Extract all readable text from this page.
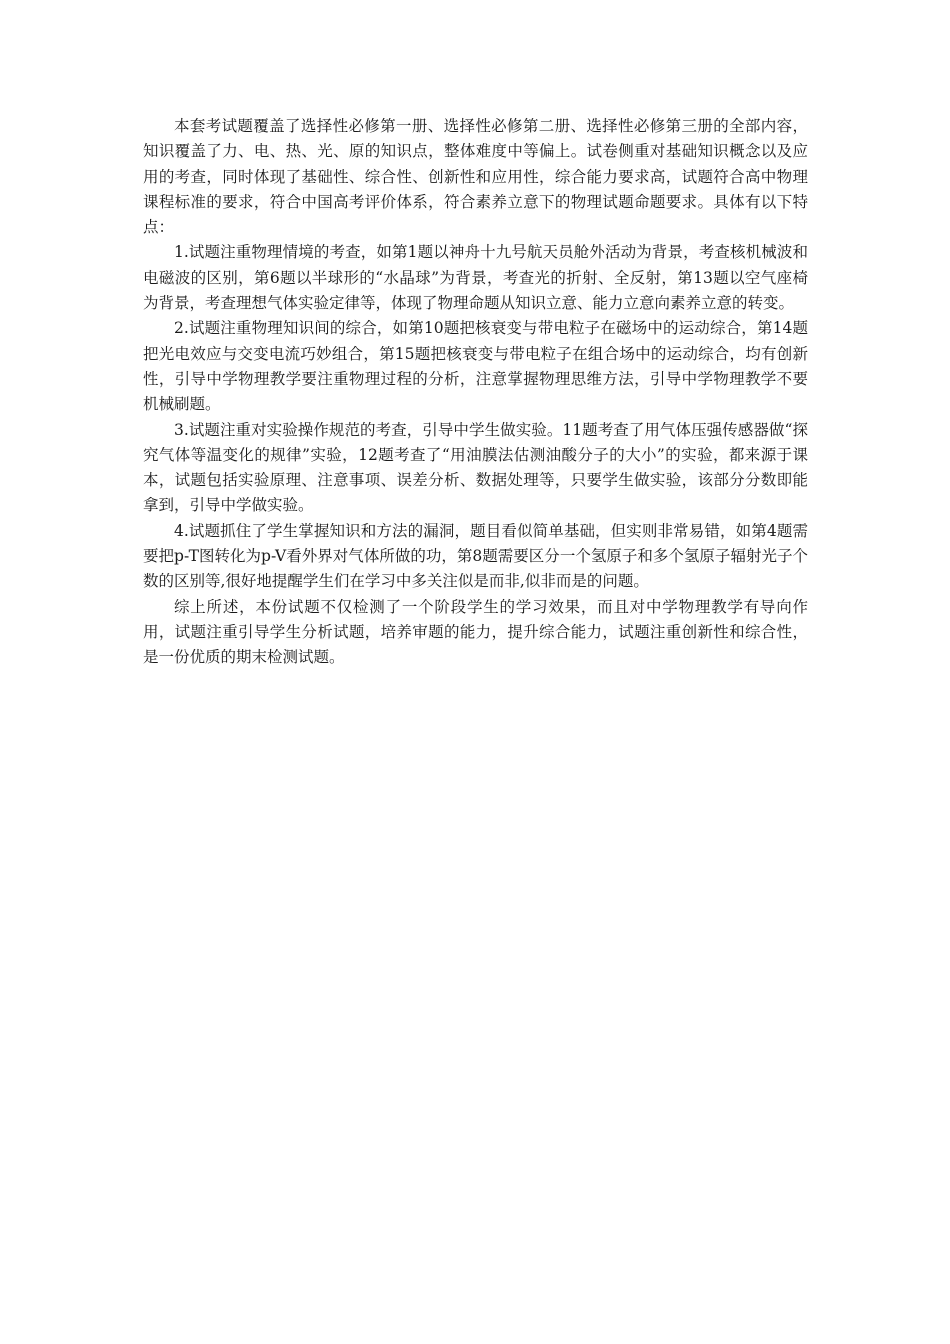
本套考试题覆盖了选择性必修第一册、选择性必修第二册、选择性必修第三册的全部内容，知识覆盖了力、电、热、光、原的知识点，整体难度中等偏上。试卷侧重对基础知识概念以及应用的考查，同时体现了基础性、综合性、创新性和应用性，综合能力要求高，试题符合高中物理课程标准的要求，符合中国高考评价体系，符合素养立意下的物理试题命题要求。具体有以下特点：

1.试题注重物理情境的考查，如第1题以神舟十九号航天员舱外活动为背景，考查核机械波和电磁波的区别，第6题以半球形的“水晶球”为背景，考查光的折射、全反射，第13题以空气座椅为背景，考查理想气体实验定律等，体现了物理命题从知识立意、能力立意向素养立意的转变。

2.试题注重物理知识间的综合，如第10题把核衰变与带电粒子在磁场中的运动综合，第14题把光电效应与交变电流巧妙组合，第15题把核衰变与带电粒子在组合场中的运动综合，均有创新性，引导中学物理教学要注重物理过程的分析，注意掌握物理思维方法，引导中学物理教学不要机械刷题。

3.试题注重对实验操作规范的考查，引导中学生做实验。11题考查了用气体压强传感器做“探究气体等温变化的规律”实验，12题考查了“用油膜法估测油酸分子的大小”的实验，都来源于课本，试题包括实验原理、注意事项、误差分析、数据处理等，只要学生做实验，该部分分数即能拿到，引导中学做实验。

4.试题抓住了学生掌握知识和方法的漏洞，题目看似简单基础，但实则非常易错，如第4题需要把p-T图转化为p-V看外界对气体所做的功，第8题需要区分一个氢原子和多个氢原子辐射光子个数的区别等,很好地提醒学生们在学习中多关注似是而非,似非而是的问题。

综上所述，本份试题不仅检测了一个阶段学生的学习效果，而且对中学物理教学有导向作用，试题注重引导学生分析试题，培养审题的能力，提升综合能力，试题注重创新性和综合性，是一份优质的期末检测试题。
